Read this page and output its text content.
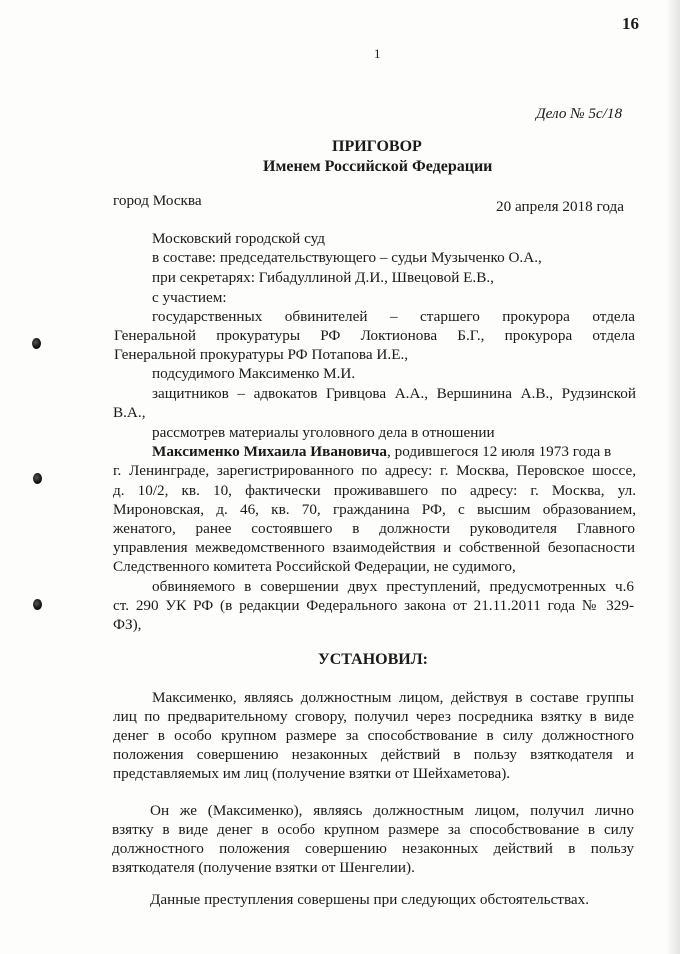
16
1
Дело № 5с/18
ПРИГОВОР
Именем Российской Федерации
город Москва	20 апреля 2018 года
Московский городской суд
в составе: председательствующего – судьи Музыченко О.А.,
при секретарях: Гибадуллиной Д.И., Швецовой Е.В.,
с участием:
государственных обвинителей – старшего прокурора отдела
Генеральной прокуратуры РФ Локтионова Б.Г., прокурора отдела
Генеральной прокуратуры РФ Потапова И.Е.,
подсудимого Максименко М.И.
защитников – адвокатов Гривцова А.А., Вершинина А.В., Рудзинской
В.А.,
рассмотрев материалы уголовного дела в отношении
Максименко Михаила Ивановича, родившегося 12 июля 1973 года в
г. Ленинграде, зарегистрированного по адресу: г. Москва, Перовское шоссе,
д. 10/2, кв. 10, фактически проживавшего по адресу: г. Москва, ул.
Мироновская, д. 46, кв. 70, гражданина РФ, с высшим образованием,
женатого, ранее состоявшего в должности руководителя Главного
управления межведомственного взаимодействия и собственной безопасности
Следственного комитета Российской Федерации, не судимого,
обвиняемого в совершении двух преступлений, предусмотренных ч.6
ст. 290 УК РФ (в редакции Федерального закона от 21.11.2011 года № 329-
ФЗ),
УСТАНОВИЛ:
Максименко, являясь должностным лицом, действуя в составе группы
лиц по предварительному сговору, получил через посредника взятку в виде
денег в особо крупном размере за способствование в силу должностного
положения совершению незаконных действий в пользу взяткодателя и
представляемых им лиц (получение взятки от Шейхаметова).
Он же (Максименко), являясь должностным лицом, получил лично
взятку в виде денег в особо крупном размере за способствование в силу
должностного положения совершению незаконных действий в пользу
взяткодателя (получение взятки от Шенгелии).
Данные преступления совершены при следующих обстоятельствах.
